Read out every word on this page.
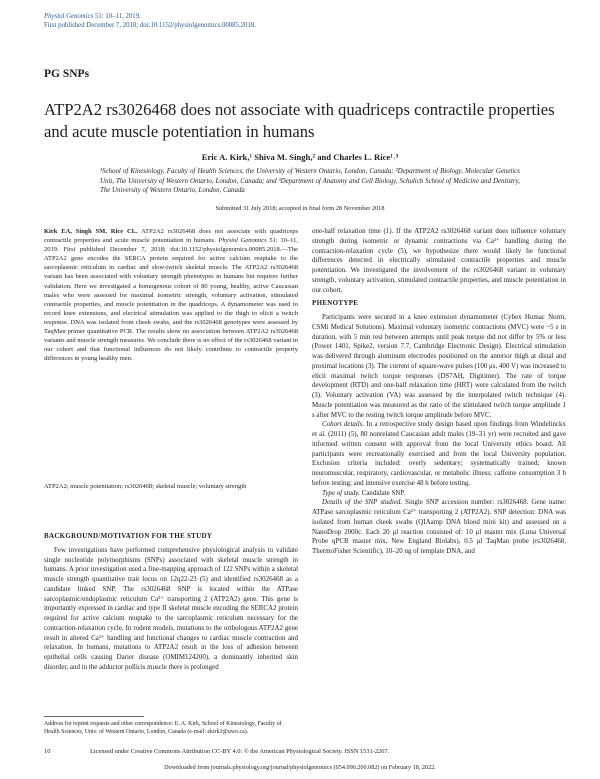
Physiol Genomics 51: 10–11, 2019.
First published December 7, 2018; doi:10.1152/physiolgenomics.00085.2018.
PG SNPs
ATP2A2 rs3026468 does not associate with quadriceps contractile properties and acute muscle potentiation in humans
Eric A. Kirk,¹ Shiva M. Singh,² and Charles L. Rice¹˒³
¹School of Kinesiology, Faculty of Health Sciences, the University of Western Ontario, London, Canada; ²Department of Biology, Molecular Genetics Unit, The University of Western Ontario, London, Canada; and ³Department of Anatomy and Cell Biology, Schulich School of Medicine and Dentistry, The University of Western Ontario, London, Canada
Submitted 31 July 2018; accepted in final form 28 November 2018
Kirk EA, Singh SM, Rice CL. ATP2A2 rs3026468 does not associate with quadriceps contractile properties and acute muscle potentiation in humans. Physiol Genomics 51: 10–11, 2019. First published December 7, 2018; doi:10.1152/physiolgenomics.00085.2018.—The ATP2A2 gene encodes the SERCA protein required for active calcium reuptake to the sarcoplasmic reticulum in cardiac and slow-twitch skeletal muscle. The ATP2A2 rs3026468 variant has been associated with voluntary strength phenotypes in humans but requires further validation. Here we investigated a homogenous cohort of 80 young, healthy, active Caucasian males who were assessed for maximal isometric strength, voluntary activation, stimulated contractile properties, and muscle potentiation in the quadriceps. A dynamometer was used to record knee extensions, and electrical stimulation was applied to the thigh to elicit a twitch response. DNA was isolated from cheek swabs, and the rs3026468 genotypes were assessed by TaqMan primer quantitative PCR. The results show no association between ATP2A2 rs3026468 variants and muscle strength measures. We conclude there is no effect of the rs3026468 variant in our cohort and that functional influences do not likely contribute to contractile property differences in young healthy men.
ATP2A2; muscle potentiation; rs3026468; skeletal muscle; voluntary strength
BACKGROUND/MOTIVATION FOR THE STUDY

Few investigations have performed comprehensive physiological analysis to validate single nucleotide polymorphisms (SNPs) associated with skeletal muscle strength in humans. A prior investigation used a fine-mapping approach of 122 SNPs within a skeletal muscle strength quantitative trait locus on 12q22-23 (5) and identified rs3026468 as a candidate linked SNP. The rs3026468 SNP is located within the ATPase sarcoplasmic/endoplasmic reticulum Ca²⁺ transporting 2 (ATP2A2) gene. This gene is importantly expressed in cardiac and type II skeletal muscle encoding the SERCA2 protein required for active calcium reuptake to the sarcoplasmic reticulum necessary for the contraction-relaxation cycle. In rodent models, mutations to the orthologous ATP2A2 gene result in altered Ca²⁺ handling and functional changes to cardiac muscle contraction and relaxation. In humans, mutations to ATP2A2 result in the loss of adhesion between epithelial cells causing Darier disease (OMIM124200), a dominantly inherited skin disorder, and in the adductor pollicis muscle there is prolonged

Address for reprint requests and other correspondence: E. A. Kirk, School of Kinesiology, Faculty of Health Sciences, Univ. of Western Ontario, London, Canada (e-mail: ekirk3@uwo.ca).

one-half relaxation time (1). If the ATP2A2 rs3026468 variant does influence voluntary strength during isometric or dynamic contractions via Ca²⁺ handling during the contraction-relaxation cycle (5), we hypothesize there would likely be functional differences detected in electrically stimulated contractile properties and muscle potentiation. We investigated the involvement of the rs3026468 variant in voluntary strength, voluntary activation, stimulated contractile properties, and muscle potentiation in our cohort.

PHENOTYPE

Participants were secured in a knee extension dynamometer (Cybex Humac Norm, CSMi Medical Solutions). Maximal voluntary isometric contractions (MVC) were ~5 s in duration, with 5 min rest between attempts until peak torque did not differ by 5% or less (Power 1401, Spike2, version 7.7, Cambridge Electronic Design). Electrical stimulation was delivered through aluminum electrodes positioned on the anterior thigh at distal and proximal locations (3). The current of square-wave pulses (100 μs, 400 V) was increased to elicit maximal twitch torque responses (DS7AH, Digitimer). The rate of torque development (RTD) and one-half relaxation time (HRT) were calculated from the twitch (3). Voluntary activation (VA) was assessed by the interpolated twitch technique (4). Muscle potentiation was measured as the ratio of the stimulated twitch torque amplitude 1 s after MVC to the resting twitch torque amplitude before MVC.

Cohort details. In a retrospective study design based upon findings from Windelinckx et al. (2011) (5), 80 nonrelated Caucasian adult males (19–31 yr) were recruited and gave informed written consent with approval from the local University ethics board. All participants were recreationally exercised and from the local University population. Exclusion criteria included: overly sedentary; systematically trained; known neuromuscular, respiratory, cardiovascular, or metabolic illness; caffeine consumption 3 h before testing; and intensive exercise 48 h before testing.

Type of study. Candidate SNP.

Details of the SNP studied. Single SNP accession number: rs3026468. Gene name: ATPase sarcoplasmic reticulum Ca²⁺ transporting 2 (ATP2A2). SNP detection: DNA was isolated from human cheek swabs (QIAamp DNA blood mini kit) and assessed on a NanoDrop 2000c. Each 20 μl reaction consisted of: 10 μl master mix (Luna Universal Probe qPCR master mix, New England Biolabs), 0.5 μl TaqMan probe (rs3026468, ThermoFisher Scientific), 10–20 ng of template DNA, and

10	Licensed under Creative Commons Attribution CC-BY 4.0: © the American Physiological Society. ISSN 1531-2267.
Downloaded from journals.physiology.org/journal/physiolgenomics (054.090.200.082) on February 18, 2022.
